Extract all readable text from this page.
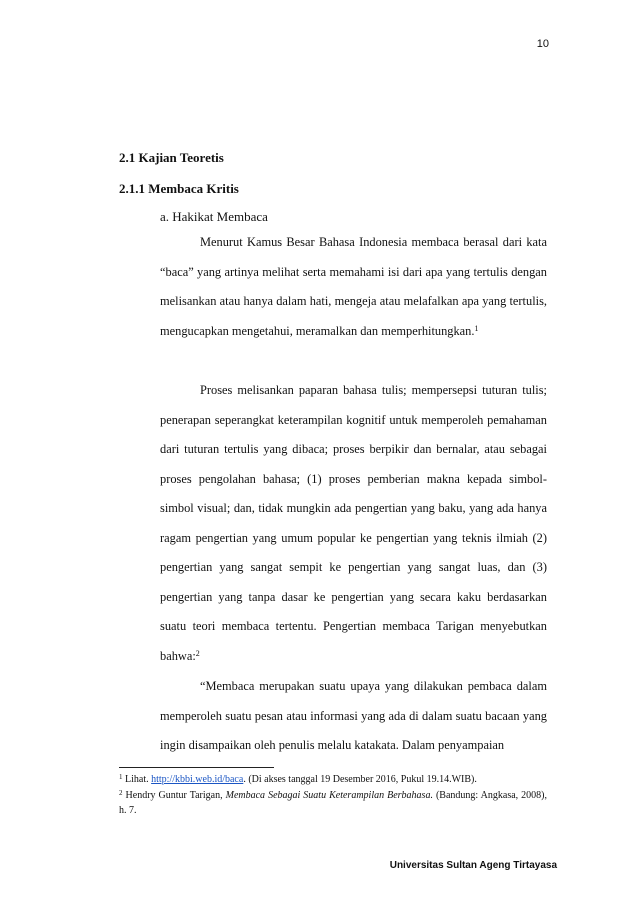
10
2.1 Kajian Teoretis
2.1.1 Membaca Kritis

a. Hakikat Membaca

Menurut Kamus Besar Bahasa Indonesia membaca berasal dari kata “baca” yang artinya melihat serta memahami isi dari apa yang tertulis dengan melisankan atau hanya dalam hati, mengeja atau melafalkan apa yang tertulis, mengucapkan mengetahui, meramalkan dan memperhitungkan.$^1$

Proses melisankan paparan bahasa tulis; mempersepsi tuturan tulis; penerapan seperangkat keterampilan kognitif untuk memperoleh pemahaman dari tuturan tertulis yang dibaca; proses berpikir dan bernalar, atau sebagai proses pengolahan bahasa; (1) proses pemberian makna kepada simbol-simbol visual; dan, tidak mungkin ada pengertian yang baku, yang ada hanya ragam pengertian yang umum popular ke pengertian yang teknis ilmiah (2) pengertian yang sangat sempit ke pengertian yang sangat luas, dan (3) pengertian yang tanpa dasar ke pengertian yang secara kaku berdasarkan suatu teori membaca tertentu. Pengertian membaca Tarigan menyebutkan bahwa:$^2$

“Membaca merupakan suatu upaya yang dilakukan pembaca dalam memperoleh suatu pesan atau informasi yang ada di dalam suatu bacaan yang ingin disampaikan oleh penulis melalu katakata. Dalam penyampaian

$^1$ Lihat. http://kbbi.web.id/baca. (Di akses tanggal 19 Desember 2016, Pukul 19.14.WIB).

$^2$ Hendry Guntur Tarigan, Membaca Sebagai Suatu Keterampilan Berbahasa. (Bandung: Angkasa, 2008), h. 7.

Universitas Sultan Ageng Tirtayasa
